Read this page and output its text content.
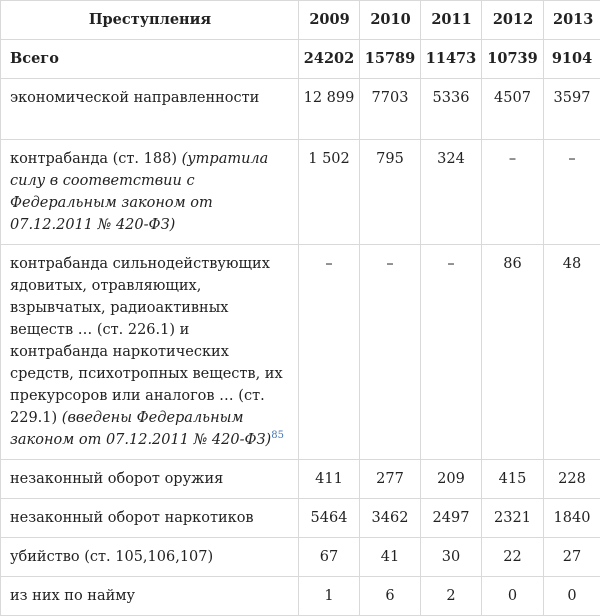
Преступления	2009	2010	2011	2012	2013
Всего	24202	15789	11473	10739	9104
экономической направленности	12 899	7703	5336	4507	3597
контрабанда (ст. 188) (утратила силу в соответствии с Федеральным законом от 07.12.2011 № 420-ФЗ)	1 502	795	324	–	–
контрабанда сильнодействующих ядовитых, отравляющих, взрывчатых, радиоактивных веществ … (ст. 226.1) и контрабанда наркотических средств, психотропных веществ, их прекурсоров или аналогов … (ст. 229.1) (введены Федеральным законом от 07.12.2011 № 420-ФЗ)$^{85}$	–	–	–	86	48
незаконный оборот оружия	411	277	209	415	228
незаконный оборот наркотиков	5464	3462	2497	2321	1840
убийство (ст. 105,106,107)	67	41	30	22	27
из них по найму	1	6	2	0	0
